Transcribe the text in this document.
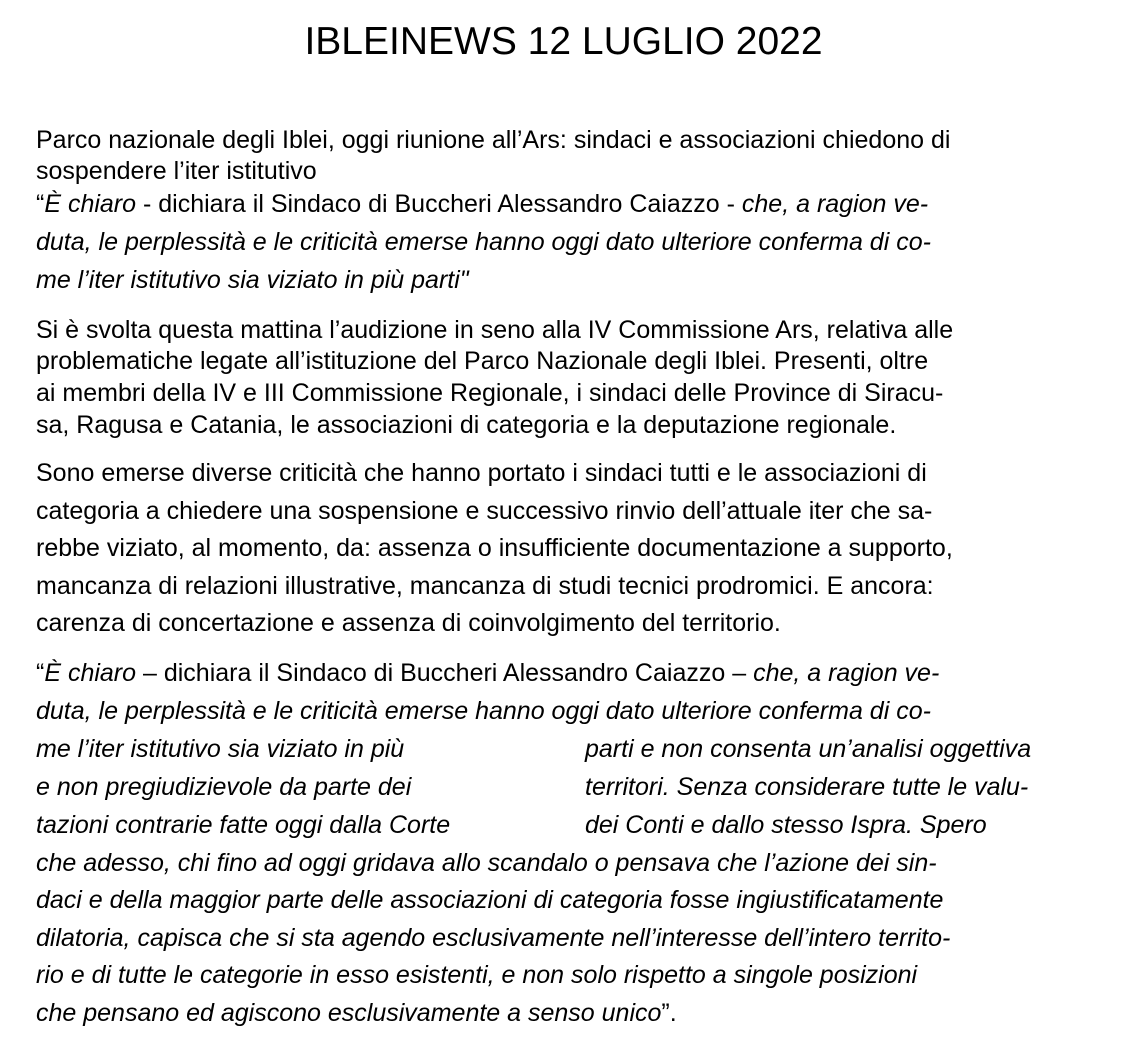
IBLEINEWS 12 LUGLIO 2022
Parco nazionale degli Iblei, oggi riunione all’Ars: sindaci e associazioni chiedono di
sospendere l’iter istitutivo
“È chiaro - dichiara il Sindaco di Buccheri Alessandro Caiazzo - che, a ragion ve-
duta, le perplessità e le criticità emerse hanno oggi dato ulteriore conferma di co-
me l’iter istitutivo sia viziato in più parti"
Si è svolta questa mattina l’audizione in seno alla IV Commissione Ars, relativa alle
problematiche legate all’istituzione del Parco Nazionale degli Iblei. Presenti, oltre
ai membri della IV e III Commissione Regionale, i sindaci delle Province di Siracu-
sa, Ragusa e Catania, le associazioni di categoria e la deputazione regionale.
Sono emerse diverse criticità che hanno portato i sindaci tutti e le associazioni di
categoria a chiedere una sospensione e successivo rinvio dell’attuale iter che sa-
rebbe viziato, al momento, da: assenza o insufficiente documentazione a supporto,
mancanza di relazioni illustrative, mancanza di studi tecnici prodromici. E ancora:
carenza di concertazione e assenza di coinvolgimento del territorio.
“È chiaro – dichiara il Sindaco di Buccheri Alessandro Caiazzo – che, a ragion ve-
duta, le perplessità e le criticità emerse hanno oggi dato ulteriore conferma di co-
me l’iter istitutivo sia viziato in più	parti e non consenta un’analisi oggettiva
e non pregiudizievole da parte dei	territori. Senza considerare tutte le valu-
tazioni contrarie fatte oggi dalla Corte	dei Conti e dallo stesso Ispra. Spero
che adesso, chi fino ad oggi gridava allo scandalo o pensava che l’azione dei sin-
daci e della maggior parte delle associazioni di categoria fosse ingiustificatamente
dilatoria, capisca che si sta agendo esclusivamente nell’interesse dell’intero territo-
rio e di tutte le categorie in esso esistenti, e non solo rispetto a singole posizioni
che pensano ed agiscono esclusivamente a senso unico”.
